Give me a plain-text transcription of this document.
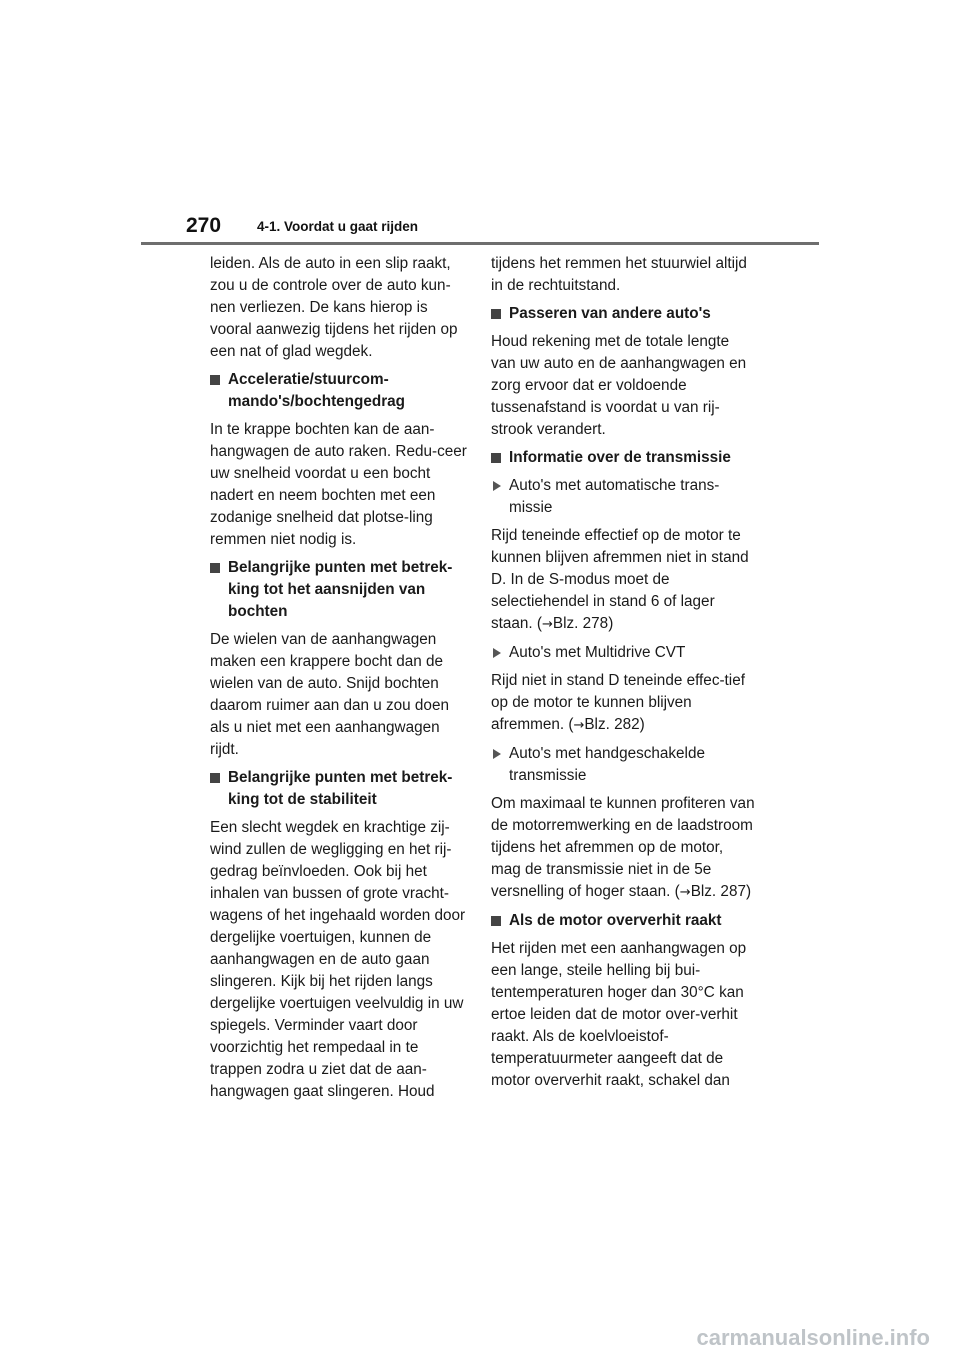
270	4-1. Voordat u gaat rijden

leiden. Als de auto in een slip raakt, zou u de controle over de auto kun-nen verliezen. De kans hierop is vooral aanwezig tijdens het rijden op een nat of glad wegdek.

Acceleratie/stuurcom-mando's/bochtengedrag

In te krappe bochten kan de aan-hangwagen de auto raken. Redu-ceer uw snelheid voordat u een bocht nadert en neem bochten met een zodanige snelheid dat plotse-ling remmen niet nodig is.

Belangrijke punten met betrek-king tot het aansnijden van bochten

De wielen van de aanhangwagen maken een krappere bocht dan de wielen van de auto. Snijd bochten daarom ruimer aan dan u zou doen als u niet met een aanhangwagen rijdt.

Belangrijke punten met betrek-king tot de stabiliteit

Een slecht wegdek en krachtige zij-wind zullen de wegligging en het rij-gedrag beïnvloeden. Ook bij het inhalen van bussen of grote vracht-wagens of het ingehaald worden door dergelijke voertuigen, kunnen de aanhangwagen en de auto gaan slingeren. Kijk bij het rijden langs dergelijke voertuigen veelvuldig in uw spiegels. Verminder vaart door voorzichtig het rempedaal in te trappen zodra u ziet dat de aan-hangwagen gaat slingeren. Houd

tijdens het remmen het stuurwiel altijd in de rechtuitstand.

Passeren van andere auto's

Houd rekening met de totale lengte van uw auto en de aanhangwagen en zorg ervoor dat er voldoende tussenafstand is voordat u van rij-strook verandert.

Informatie over de transmissie
Auto's met automatische trans-missie

Rijd teneinde effectief op de motor te kunnen blijven afremmen niet in stand D. In de S-modus moet de selectiehendel in stand 6 of lager staan. (→Blz. 278)

Auto's met Multidrive CVT

Rijd niet in stand D teneinde effec-tief op de motor te kunnen blijven afremmen. (→Blz. 282)

Auto's met handgeschakelde transmissie

Om maximaal te kunnen profiteren van de motorremwerking en de laadstroom tijdens het afremmen op de motor, mag de transmissie niet in de 5e versnelling of hoger staan. (→Blz. 287)

Als de motor oververhit raakt

Het rijden met een aanhangwagen op een lange, steile helling bij bui-tentemperaturen hoger dan 30°C kan ertoe leiden dat de motor over-verhit raakt. Als de koelvloeistof-temperatuurmeter aangeeft dat de motor oververhit raakt, schakel dan

carmanualsonline.info
